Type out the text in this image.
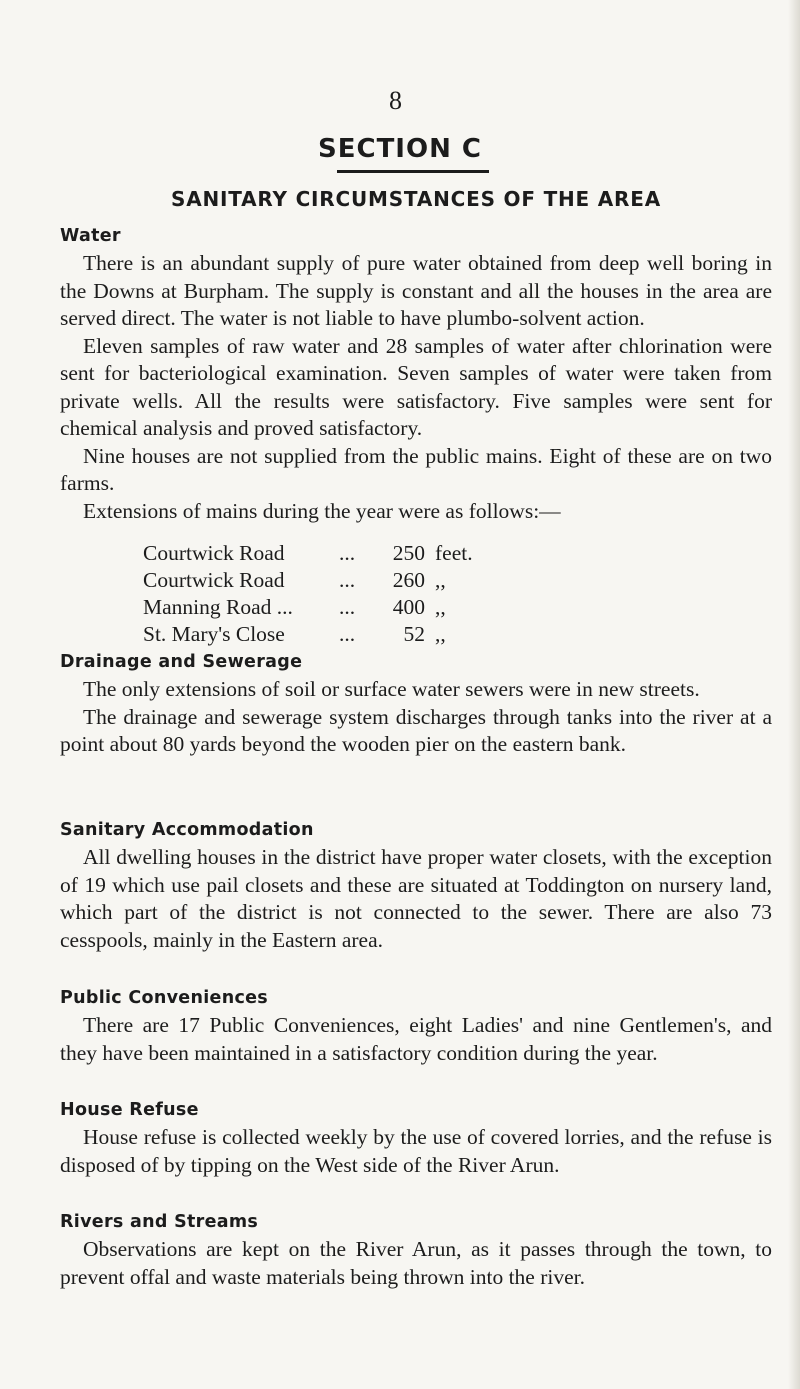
8
SECTION C
SANITARY CIRCUMSTANCES OF THE AREA
Water

There is an abundant supply of pure water obtained from deep well boring in the Downs at Burpham. The supply is constant and all the houses in the area are served direct. The water is not liable to have plumbo-solvent action.

Eleven samples of raw water and 28 samples of water after chlorination were sent for bacteriological examination. Seven samples of water were taken from private wells. All the results were satisfactory. Five samples were sent for chemical analysis and proved satisfactory.

Nine houses are not supplied from the public mains. Eight of these are on two farms.

Extensions of mains during the year were as follows:—

Courtwick Road	...	250 feet.
Courtwick Road	...	260 ,,
Manning Road ... ...	400 ,,
St. Mary's Close	...	52 ,,
Drainage and Sewerage

The only extensions of soil or surface water sewers were in new streets.

The drainage and sewerage system discharges through tanks into the river at a point about 80 yards beyond the wooden pier on the eastern bank.

Sanitary Accommodation

All dwelling houses in the district have proper water closets, with the exception of 19 which use pail closets and these are situated at Toddington on nursery land, which part of the district is not connected to the sewer. There are also 73 cesspools, mainly in the Eastern area.

Public Conveniences

There are 17 Public Conveniences, eight Ladies' and nine Gentlemen's, and they have been maintained in a satisfactory condition during the year.

House Refuse

House refuse is collected weekly by the use of covered lorries, and the refuse is disposed of by tipping on the West side of the River Arun.

Rivers and Streams

Observations are kept on the River Arun, as it passes through the town, to prevent offal and waste materials being thrown into the river.
